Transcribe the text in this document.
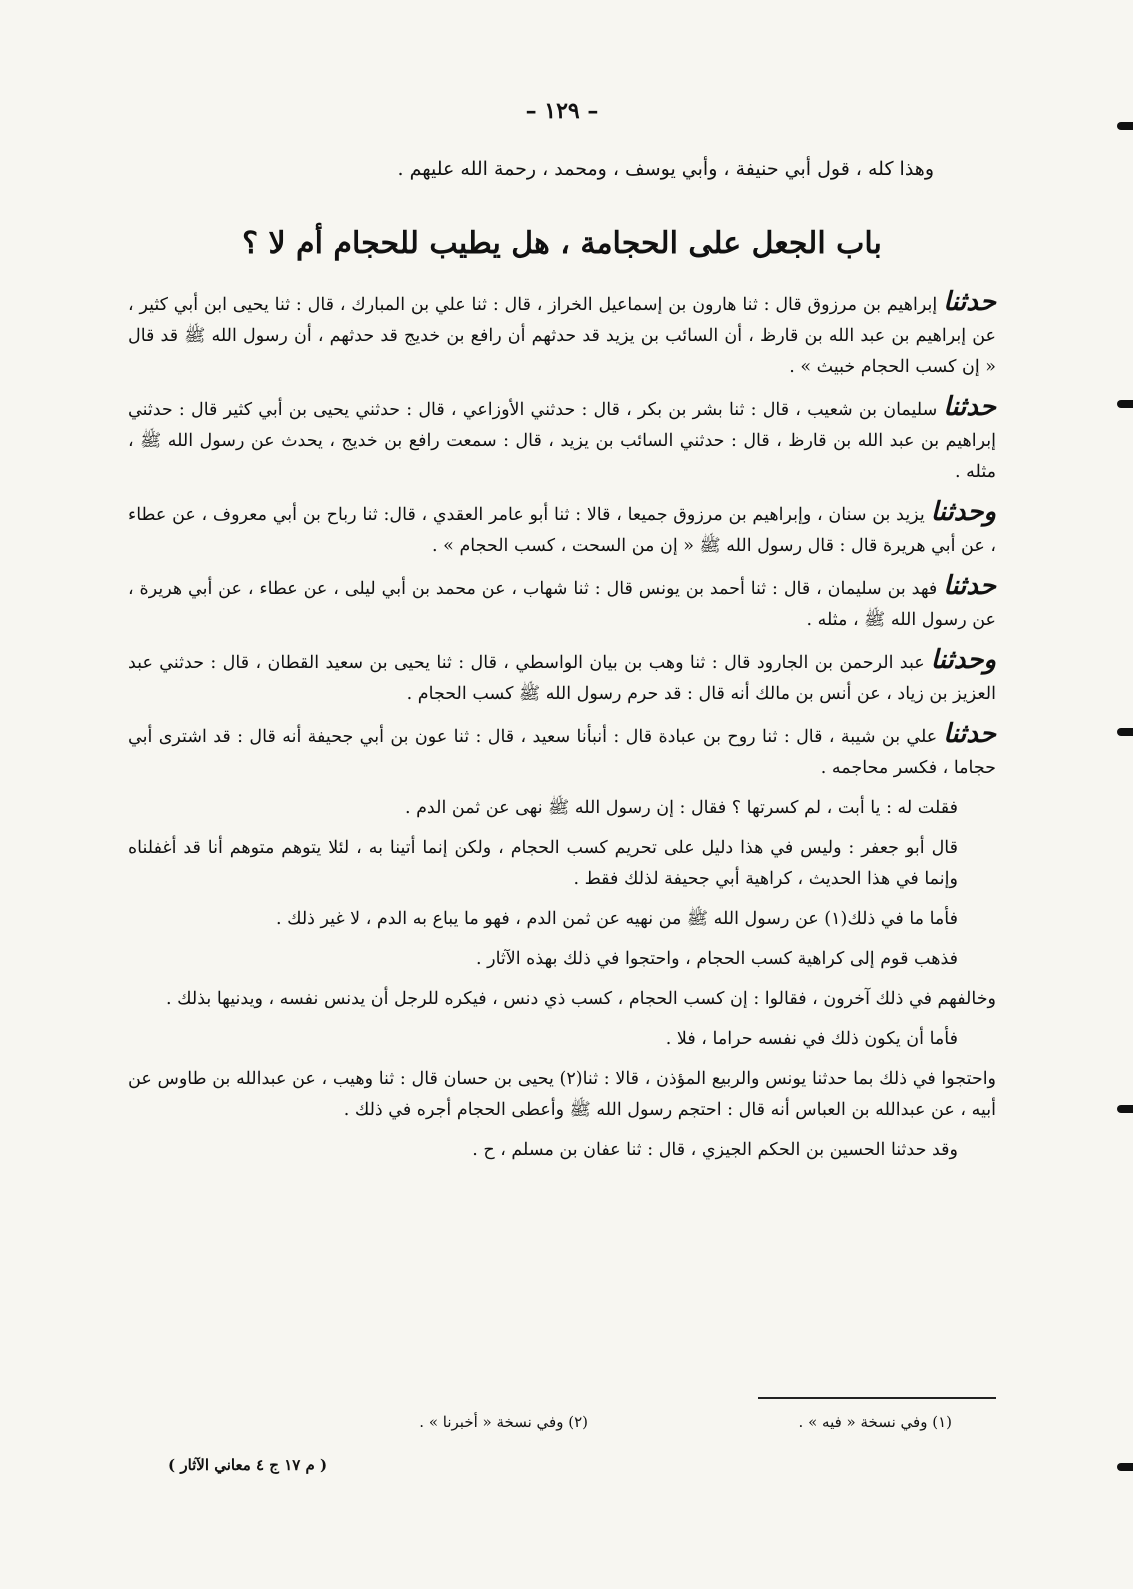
– ١٢٩ –
وهذا كله ، قول أبي حنيفة ، وأبي يوسف ، ومحمد ، رحمة الله عليهم .
باب الجعل على الحجامة ، هل يطيب للحجام أم لا ؟

حدثناإبراهيم بن مرزوق قال : ثنا هارون بن إسماعيل الخراز ، قال : ثنا علي بن المبارك ، قال : ثنا يحيى ابن أبي كثير ، عن إبراهيم بن عبد الله بن قارظ ، أن السائب بن يزيد قد حدثهم أن رافع بن خديج قد حدثهم ، أن رسول الله ﷺ قد قال « إن كسب الحجام خبيث » .

حدثناسليمان بن شعيب ، قال : ثنا بشر بن بكر ، قال : حدثني الأوزاعي ، قال : حدثني يحيى بن أبي كثير قال : حدثني إبراهيم بن عبد الله بن قارظ ، قال : حدثني السائب بن يزيد ، قال : سمعت رافع بن خديج ، يحدث عن رسول الله ﷺ ، مثله .

وحدثنايزيد بن سنان ، وإبراهيم بن مرزوق جميعا ، قالا : ثنا أبو عامر العقدي ، قال: ثنا رباح بن أبي معروف ، عن عطاء ، عن أبي هريرة قال : قال رسول الله ﷺ « إن من السحت ، كسب الحجام » .

حدثنافهد بن سليمان ، قال : ثنا أحمد بن يونس قال : ثنا شهاب ، عن محمد بن أبي ليلى ، عن عطاء ، عن أبي هريرة ، عن رسول الله ﷺ ، مثله .

وحدثناعبد الرحمن بن الجارود قال : ثنا وهب بن بيان الواسطي ، قال : ثنا يحيى بن سعيد القطان ، قال : حدثني عبد العزيز بن زياد ، عن أنس بن مالك أنه قال : قد حرم رسول الله ﷺ كسب الحجام .

حدثناعلي بن شيبة ، قال : ثنا روح بن عبادة قال : أنبأنا سعيد ، قال : ثنا عون بن أبي جحيفة أنه قال : قد اشترى أبي حجاما ، فكسر محاجمه .

فقلت له : يا أبت ، لم كسرتها ؟ فقال : إن رسول الله ﷺ نهى عن ثمن الدم .

قال أبو جعفر : وليس في هذا دليل على تحريم كسب الحجام ، ولكن إنما أتينا به ، لئلا يتوهم متوهم أنا قد أغفلناه وإنما في هذا الحديث ، كراهية أبي جحيفة لذلك فقط .

فأما ما في ذلك(١) عن رسول الله ﷺ من نهيه عن ثمن الدم ، فهو ما يباع به الدم ، لا غير ذلك .

فذهب قوم إلى كراهية كسب الحجام ، واحتجوا في ذلك بهذه الآثار .

وخالفهم في ذلك آخرون ، فقالوا : إن كسب الحجام ، كسب ذي دنس ، فيكره للرجل أن يدنس نفسه ، ويدنيها بذلك .

فأما أن يكون ذلك في نفسه حراما ، فلا .

واحتجوا في ذلك بما حدثنا يونس والربيع المؤذن ، قالا : ثنا(٢) يحيى بن حسان قال : ثنا وهيب ، عن عبدالله بن طاوس عن أبيه ، عن عبدالله بن العباس أنه قال : احتجم رسول الله ﷺ وأعطى الحجام أجره في ذلك .

وقد حدثنا الحسين بن الحكم الجيزي ، قال : ثنا عفان بن مسلم ، ح .

(١) وفي نسخة « فيه » .
(٢) وفي نسخة « أخبرنا » .
( م ١٧ ج ٤ معاني الآثار )
